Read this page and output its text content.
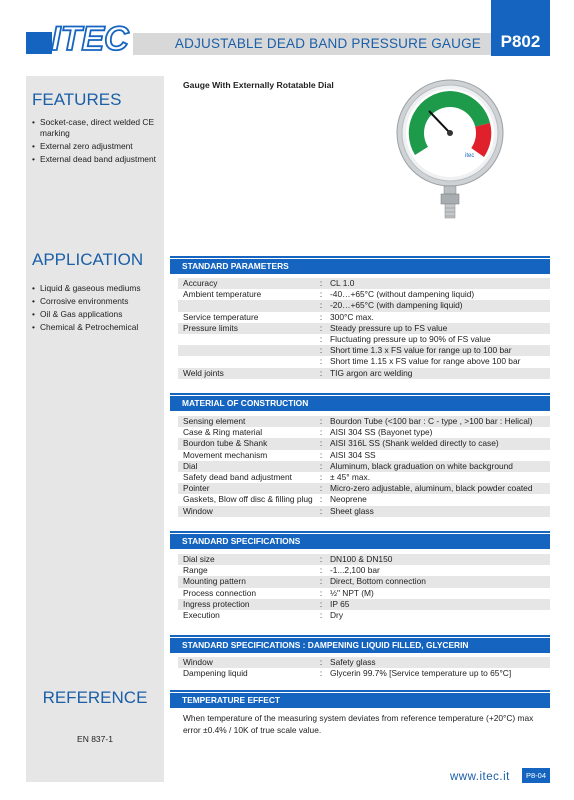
ITEC	ADJUSTABLE DEAD BAND PRESSURE GAUGE	P802
FEATURES
• Socket-case, direct welded CE marking
• External zero adjustment
• External dead band adjustment
APPLICATION
• Liquid & gaseous mediums
• Corrosive environments
• Oil & Gas applications
• Chemical & Petrochemical
REFERENCE
EN 837-1
Gauge With Externally Rotatable Dial
itec
STANDARD PARAMETERS
Accuracy	:	CL 1.0
Ambient temperature	:	-40…+65°C (without dampening liquid)
	:	-20…+65°C (with dampening liquid)
Service temperature	:	300°C max.
Pressure limits	:	Steady pressure up to FS value
	:	Fluctuating pressure up to 90% of FS value
	:	Short time 1.3 x FS value for range up to 100 bar
	:	Short time 1.15 x FS value for range above 100 bar
Weld joints	:	TIG argon arc welding
MATERIAL OF CONSTRUCTION
Sensing element	:	Bourdon Tube (<100 bar : C - type , >100 bar : Helical)
Case & Ring material	:	AISI 304 SS (Bayonet type)
Bourdon tube & Shank	:	AISI 316L SS (Shank welded directly to case)
Movement mechanism	:	AISI 304 SS
Dial	:	Aluminum, black graduation on white background
Safety dead band adjustment	:	± 45° max.
Pointer	:	Micro-zero adjustable, aluminum, black powder coated
Gaskets, Blow off disc & filling plug	:	Neoprene
Window	:	Sheet glass
STANDARD SPECIFICATIONS
Dial size	:	DN100 & DN150
Range	:	-1...2,100 bar
Mounting pattern	:	Direct, Bottom connection
Process connection	:	½" NPT (M)
Ingress protection	:	IP 65
Execution	:	Dry
STANDARD SPECIFICATIONS : DAMPENING LIQUID FILLED, GLYCERIN
Window	:	Safety glass
Dampening liquid	:	Glycerin 99.7% [Service temperature up to 65°C]
TEMPERATURE EFFECT
When temperature of the measuring system deviates from reference temperature (+20°C) max error ±0.4% / 10K of true scale value.
www.itec.it	P8-04
